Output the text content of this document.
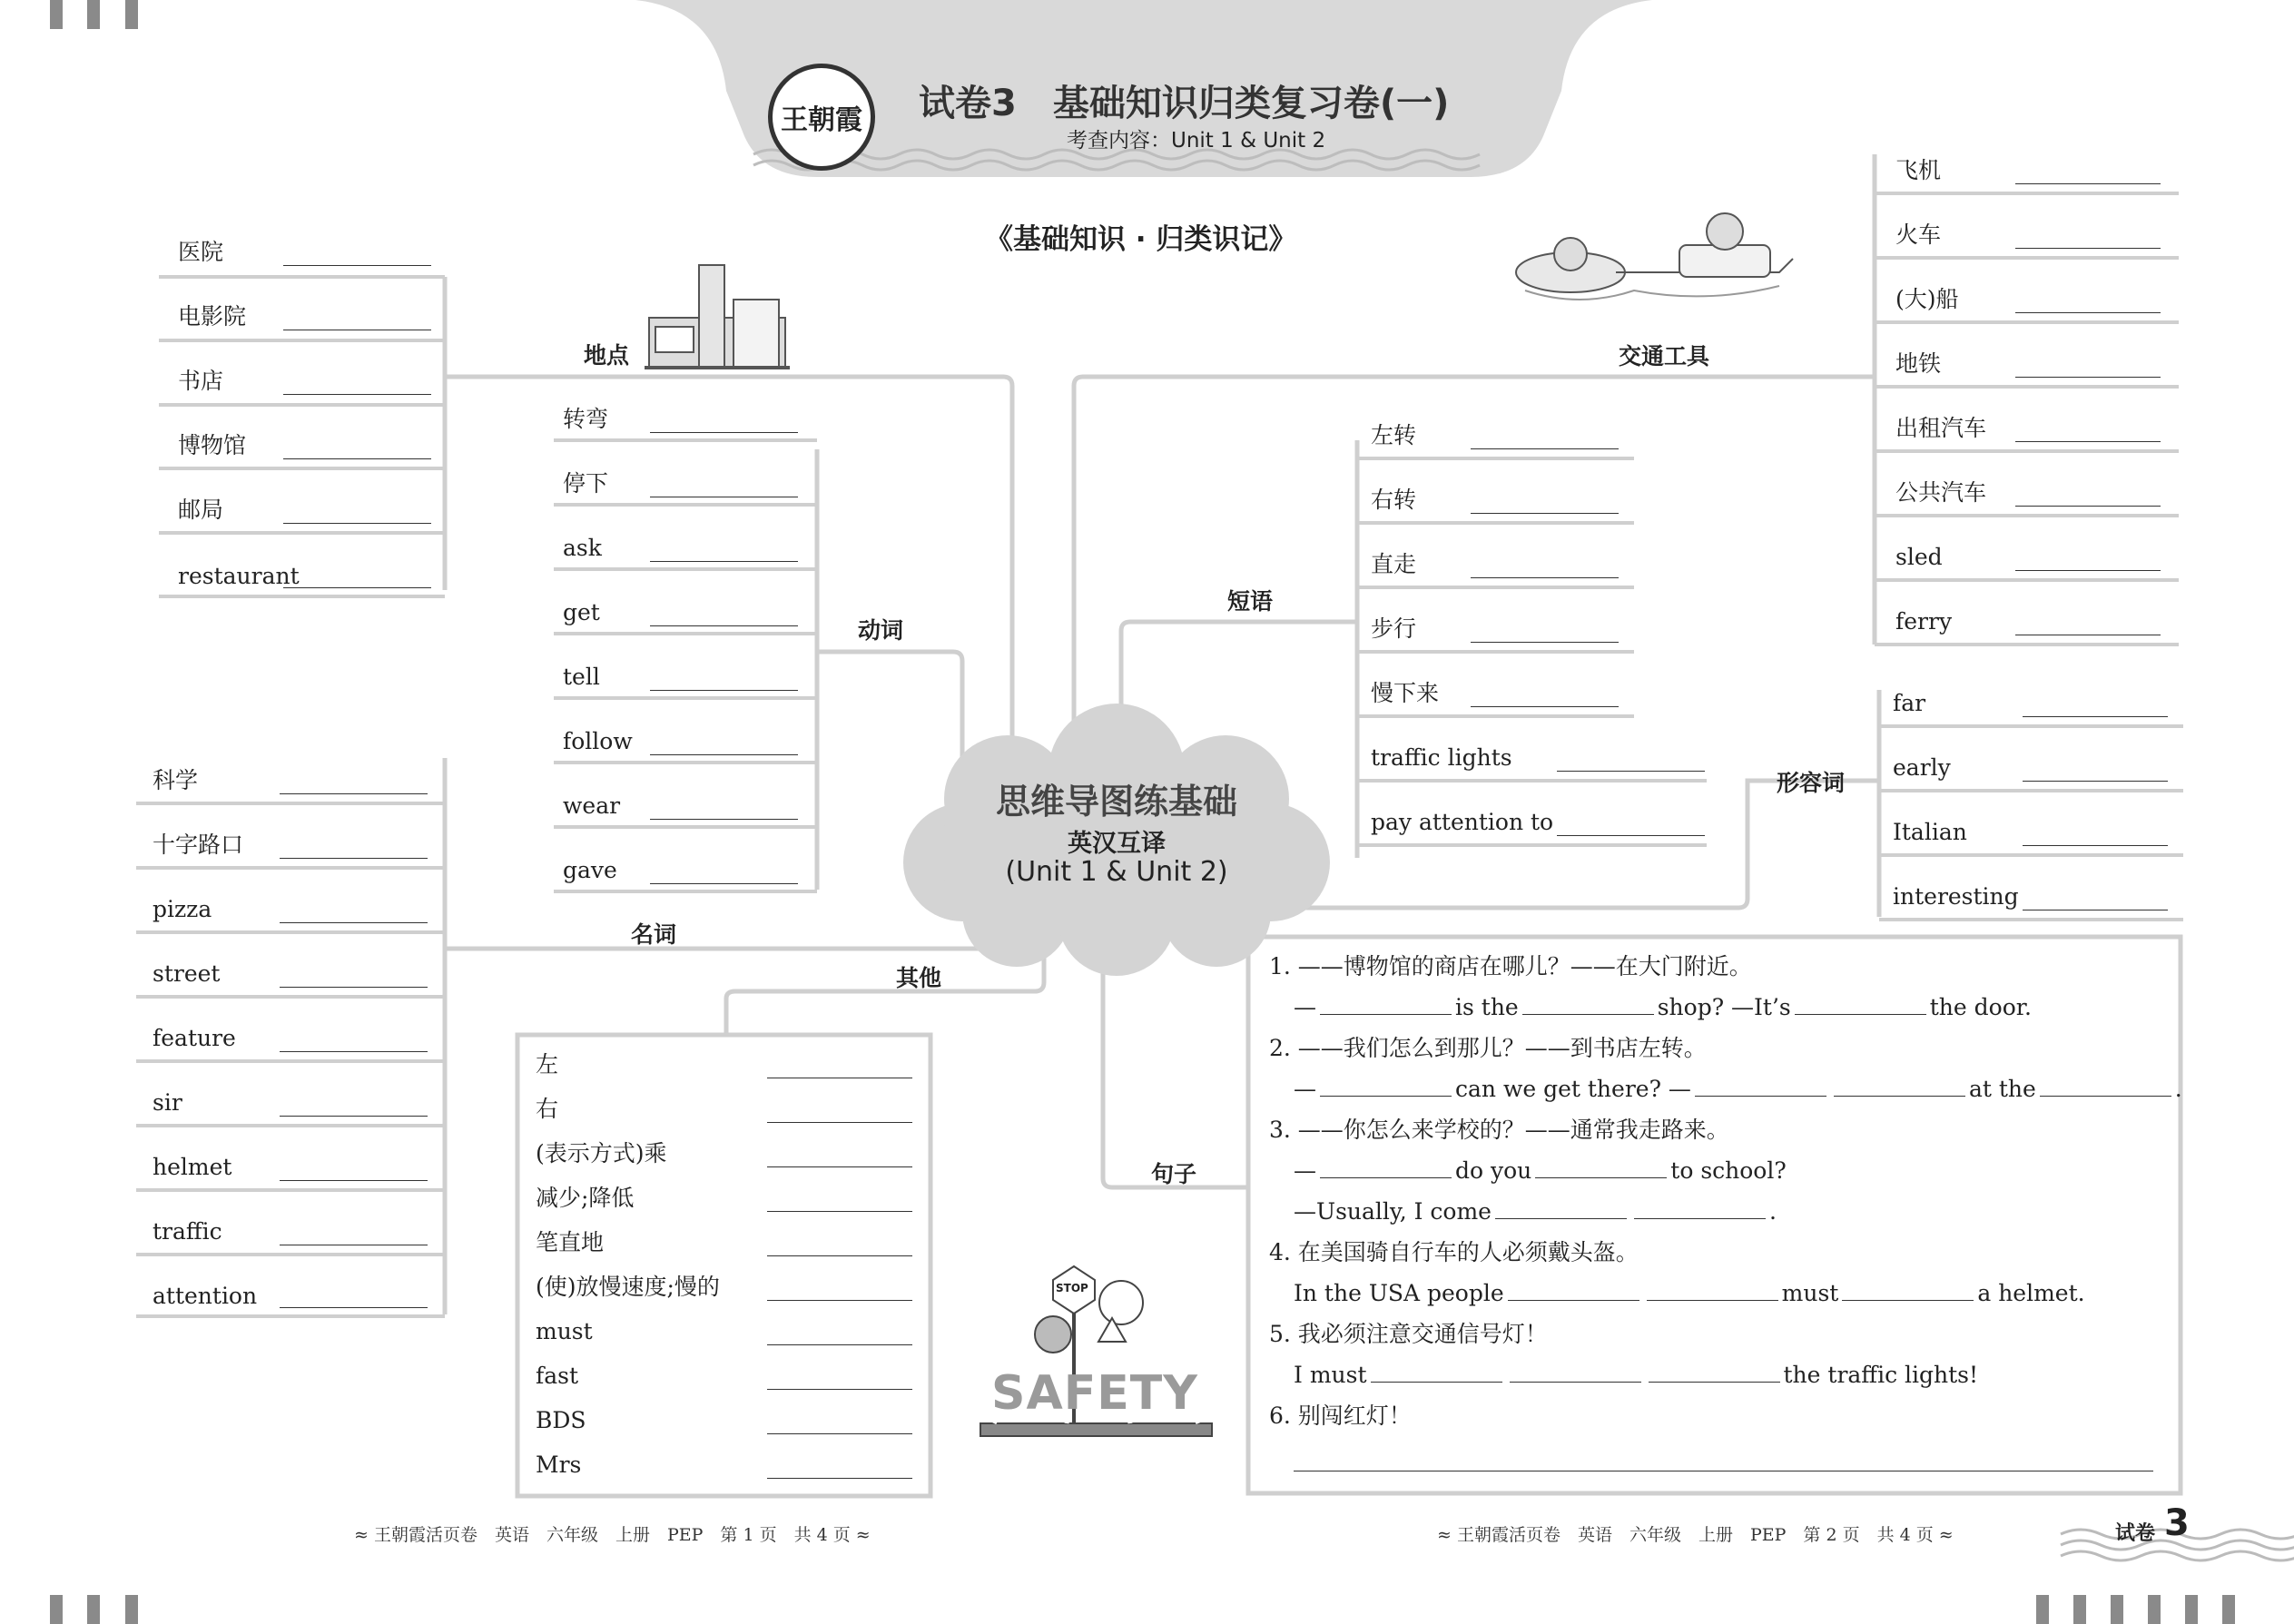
王朝霞 试卷3　基础知识归类复习卷(一)
考查内容：Unit 1 & Unit 2
《基础知识 · 归类识记》
思维导图练基础
英汉互译
(Unit 1 & Unit 2)
地点
动词
名词
其他
短语
交通工具
形容词
句子
医院
电影院
书店
博物馆
邮局
restaurant
转弯
停下
ask
get
tell
follow
wear
gave
科学
十字路口
pizza
street
feature
sir
helmet
traffic
attention
左
右
(表示方式)乘
减少;降低
笔直地
(使)放慢速度;慢的
must
fast
BDS
Mrs
左转
右转
直走
步行
慢下来
traffic lights
pay attention to
飞机
火车
(大)船
地铁
出租汽车
公共汽车
sled
ferry
far
early
Italian
interesting
1. ——博物馆的商店在哪儿？——在大门附近。
—	is the	shop? —It’s	the door.
2. ——我们怎么到那儿？——到书店左转。
—	can we get there? —	at the	.
3. ——你怎么来学校的？——通常我走路来。
—	do you	to school?
—Usually, I come	.
4. 在美国骑自行车的人必须戴头盔。
In the USA people	must	a helmet.
5. 我必须注意交通信号灯！
I must	the traffic lights!
6. 别闯红灯！
SAFETY
STOP
≈ 王朝霞活页卷　英语　六年级　上册　PEP　第 1 页　共 4 页 ≈	≈ 王朝霞活页卷　英语　六年级　上册　PEP　第 2 页　共 4 页 ≈	试卷 3
